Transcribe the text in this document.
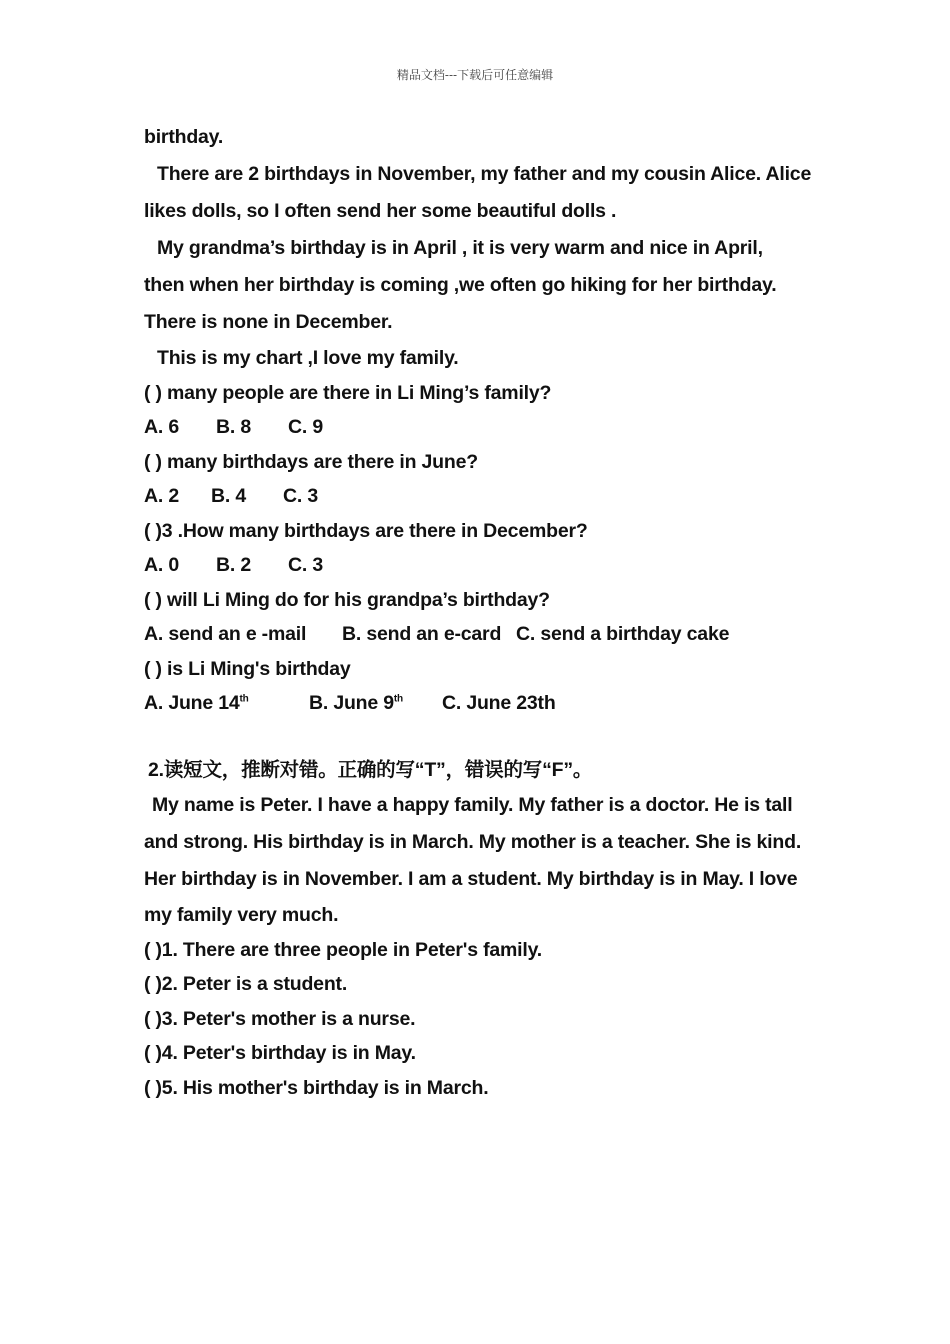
精品文档---下载后可任意编辑
birthday.
There are 2 birthdays in November, my father and my cousin Alice. Alice
likes dolls, so I often send her some beautiful dolls .
My grandma’s birthday is in April , it is very warm and nice in April,
then when her birthday is coming ,we often go hiking for her birthday.
There is none in December.
This is my chart ,I love my family.
( ) many people are there in Li Ming’s family?
A. 6 B. 8 C. 9
( ) many birthdays are there in June?
A. 2 B. 4 C. 3
( )3 .How many birthdays are there in December?
A. 0 B. 2 C. 3
( ) will Li Ming do for his grandpa’s birthday?
A. send an e -mail B. send an e-card C. send a birthday cake
( ) is Li Ming's birthday
A. June 14th	B. June 9th C. June 23th
2.读短文，推断对错。正确的写“T”，错误的写“F”。
My name is Peter. I have a happy family. My father is a doctor. He is tall
and strong. His birthday is in March. My mother is a teacher. She is kind.
Her birthday is in November. I am a student. My birthday is in May. I love
my family very much.
( )1. There are three people in Peter's family.
( )2. Peter is a student.
( )3. Peter's mother is a nurse.
( )4. Peter's birthday is in May.
( )5. His mother's birthday is in March.
